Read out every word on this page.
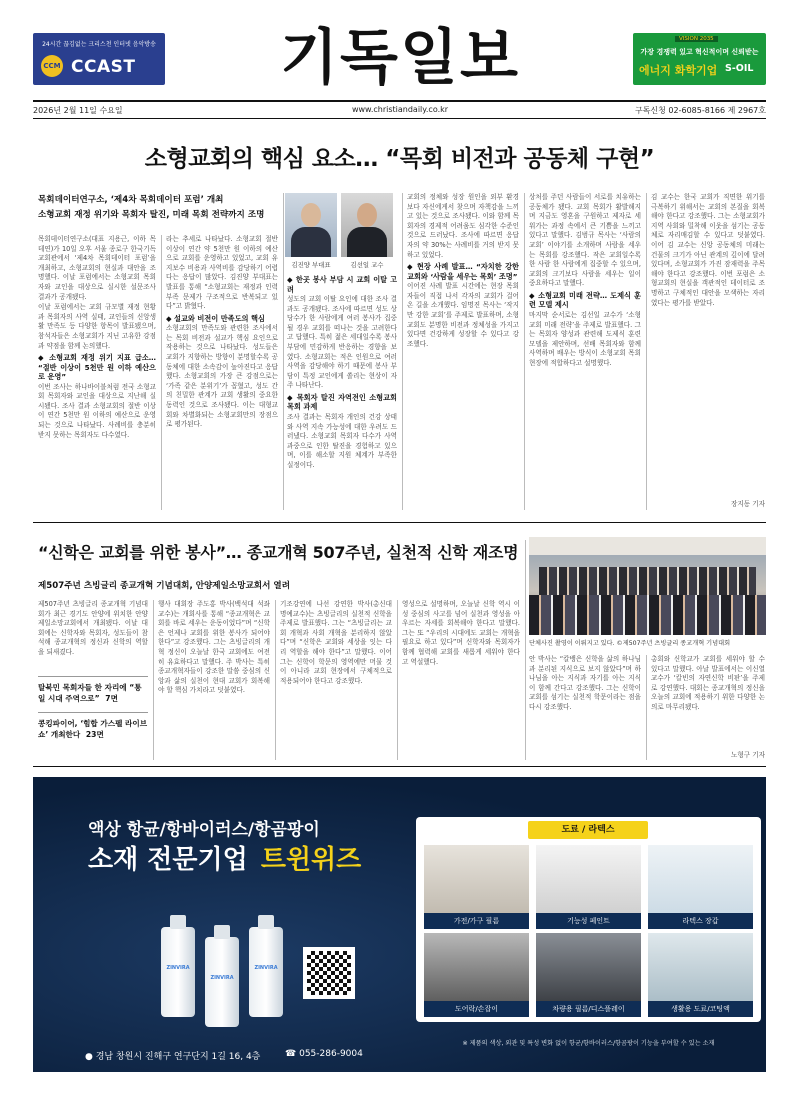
24시간 끊김없는 크리스천 인터넷 음악방송
CCM CCAST	기독일보	VISION 2035
가장 경쟁력 있고 혁신적이며 신뢰받는
에너지 화학기업 S-OIL
2026년 2월 11일 수요일	www.christiandaily.co.kr	구독신청 02-6085-8166 제 2967호
소형교회의 핵심 요소… “목회 비전과 공동체 구현”
목회데이터연구소, ‘제4차 목회데이터 포럼’ 개최
소형교회 재정 위기와 목회자 탈진, 미래 목회 전략까지 조명

목회데이터연구소(대표 지용근, 이하 목데연)가 10일 오후 서울 종로구 한국기독교회관에서 ‘제4차 목회데이터 포럼’을 개최하고, 소형교회의 현실과 대안을 조명했다. 이날 포럼에서는 소형교회 목회자와 교인을 대상으로 실시한 설문조사 결과가 공개됐다.

이날 포럼에서는 교회 규모별 재정 현황과 목회자의 사역 실태, 교인들의 신앙생활 만족도 등 다양한 항목이 발표됐으며, 참석자들은 소형교회가 지닌 고유한 강점과 약점을 함께 논의했다.

◆ 소형교회 재정 위기 지표 급소… “절반 이상이 5천만 원 이하 예산으로 운영”

이번 조사는 하나바이블처럼 전국 소형교회 목회자와 교인을 대상으로 지난해 실시됐다. 조사 결과 소형교회의 절반 이상이 연간 5천만 원 이하의 예산으로 운영되는 것으로 나타났다. 사례비를 충분히 받지 못하는 목회자도 다수였다.

라는 추세로 나타났다. 소형교회 절반 이상이 연간 약 5천만 원 이하의 예산으로 교회를 운영하고 있었고, 교회 유지보수 비용과 사역비를 감당하기 어렵다는 응답이 많았다. 김진양 부대표는 발표를 통해 “소형교회는 재정과 인력 부족 문제가 구조적으로 반복되고 있다”고 밝혔다.

◆ 설교와 비전이 만족도의 핵심

소형교회의 만족도와 관련한 조사에서는 목회 비전과 설교가 핵심 요인으로 작용하는 것으로 나타났다. 성도들은 교회가 지향하는 방향이 분명할수록 공동체에 대한 소속감이 높아진다고 응답했다. 소형교회의 가장 큰 강점으로는 ‘가족 같은 분위기’가 꼽혔고, 성도 간의 친밀한 관계가 교회 생활의 중요한 동력인 것으로 조사됐다. 이는 대형교회와 차별화되는 소형교회만의 장점으로 평가된다.

김진양 부대표	김선일 교수
◆ 한곳 봉사 부담 시 교회 이탈 고려

성도의 교회 이탈 요인에 대한 조사 결과도 공개됐다. 조사에 따르면 성도 상당수가 한 사람에게 여러 봉사가 집중될 경우 교회를 떠나는 것을 고려한다고 답했다. 특히 젊은 세대일수록 봉사 부담에 민감하게 반응하는 경향을 보였다. 소형교회는 적은 인원으로 여러 사역을 감당해야 하기 때문에 봉사 부담이 특정 교인에게 쏠리는 현상이 자주 나타난다.

◆ 목회자 탈진 자역전인 소형교회 목회 과제

조사 결과는 목회자 개인의 건강 상태와 사역 지속 가능성에 대한 우려도 드러냈다. 소형교회 목회자 다수가 사역 과중으로 인한 탈진을 경험하고 있으며, 이를 해소할 지원 체계가 부족한 실정이다.

교회의 정체와 성장 원인을 외부 환경보다 자신에게서 찾으며 자책감을 느끼고 있는 것으로 조사됐다. 이와 함께 목회자의 경제적 어려움도 심각한 수준인 것으로 드러났다. 조사에 따르면 응답자의 약 30%는 사례비를 거의 받지 못하고 있었다.

◆ 현장 사례 발표… “자치한 강한 교회와 ‘사람을 세우는 목회’ 조명”

이어진 사례 발표 시간에는 현장 목회자들이 직접 나서 각자의 교회가 걸어온 길을 소개했다. 임명진 목사는 ‘작지만 강한 교회’를 주제로 발표하며, 소형교회도 분명한 비전과 정체성을 가지고 있다면 건강하게 성장할 수 있다고 강조했다.

상처를 주던 사람들이 서로를 치유하는 공동체가 됐다. 교회 목회가 활발해지며 지금도 영혼을 구원하고 제자로 세워가는 과정 속에서 큰 기쁨을 느끼고 있다고 말했다. 김범규 목사는 ‘사람의 교회’ 이야기를 소개하며 사람을 세우는 목회를 강조했다. 작은 교회일수록 한 사람 한 사람에게 집중할 수 있으며, 교회의 크기보다 사람을 세우는 일이 중요하다고 말했다.

◆ 소형교회 미래 전략… 도제식 훈련 모델 제시

마지막 순서로는 김선일 교수가 ‘소형교회 미래 전략’을 주제로 발표했다. 그는 목회자 양성과 관련해 도제식 훈련 모델을 제안하며, 선배 목회자와 함께 사역하며 배우는 방식이 소형교회 목회 현장에 적합하다고 설명했다.

김 교수는 한국 교회가 직면한 위기를 극복하기 위해서는 교회의 본질을 회복해야 한다고 강조했다. 그는 소형교회가 지역 사회와 밀착해 이웃을 섬기는 공동체로 자리매김할 수 있다고 덧붙였다. 이어 김 교수는 신앙 공동체의 미래는 건물의 크기가 아닌 관계의 깊이에 달려 있다며, 소형교회가 가진 잠재력을 주목해야 한다고 강조했다. 이번 포럼은 소형교회의 현실을 객관적인 데이터로 조명하고 구체적인 대안을 모색하는 자리였다는 평가를 받았다.

장지동 기자
“신학은 교회를 위한 봉사”… 종교개혁 507주년, 실천적 신학 재조명
제507주년 츠빙글리 종교개혁 기념대회, 안양제일소망교회서 열려
제507주년 츠빙글리 종교개혁 기념대회가 최근 경기도 안양에 위치한 안양제일소망교회에서 개최됐다. 이날 대회에는 신학자와 목회자, 성도들이 참석해 종교개혁의 정신과 신학의 역할을 되새겼다.
탈북민 목회자들 한 자리에 “통일 시대 주역으로” 7면
콩킹파이어, ‘힘합 가스펠 라이브쇼’ 개최한다 23면
행사 대회장 주도홍 박사(백석대 석좌교수)는 개회사를 통해 “종교개혁은 교회를 바로 세우는 운동이었다”며 “신학은 언제나 교회를 위한 봉사가 되어야 한다”고 강조했다. 그는 츠빙글리의 개혁 정신이 오늘날 한국 교회에도 여전히 유효하다고 말했다. 주 박사는 특히 종교개혁자들이 강조한 말씀 중심의 신앙과 삶의 실천이 현대 교회가 회복해야 할 핵심 가치라고 덧붙였다.
기조강연에 나선 강연한 박사(총신대 명예교수)는 츠빙글리의 실천적 신학을 주제로 발표했다. 그는 “츠빙글리는 교회 개혁과 사회 개혁을 분리하지 않았다”며 “신학은 교회와 세상을 잇는 다리 역할을 해야 한다”고 말했다. 이어 그는 신학이 학문의 영역에만 머물 것이 아니라 교회 현장에서 구체적으로 적용되어야 한다고 강조했다.
영성으로 설명하며, 오늘날 신학 역시 이 성 중심의 사고를 넘어 실천과 영성을 아우르는 자세를 회복해야 한다고 말했다. 그는 또 “우리의 시대에도 교회는 개혁을 필요로 하고 있다”며 신학자와 목회자가 함께 협력해 교회를 새롭게 세워야 한다고 역설했다.
단체사진 촬영이 이뤄지고 있다. ©제507주년 츠빙글리 종교개혁 기념대회
안 박사는 “칼뱅은 신학을 삶의 하나님과 분리된 지식으로 보지 않았다”며 하나님을 아는 지식과 자기를 아는 지식이 함께 간다고 강조했다. 그는 신학이 교회를 섬기는 실천적 학문이라는 점을 다시 강조했다.
총회와 신학교가 교회를 세워야 할 수 있다고 말했다. 아날 발표에서는 이신열 교수가 ‘칼빈의 자연신학 비판’을 주제로 강연했다. 대회는 종교개혁의 정신을 오늘의 교회에 적용하기 위한 다양한 논의로 마무리됐다.
노형구 기자
액상 항균/항바이러스/항곰팡이
소재 전문기업 트윈위즈
ZINVIRA
ZINVIRA
ZINVIRA
● 경남 창원시 진해구 연구단지 1길 16, 4층	☎ 055-286-9004
도료 / 라텍스
가전/가구 필름	기능성 페인트	라텍스 장갑
도어락/손잡이	차량용 필름/디스플레이	생활용 도료/코팅액
※ 제품의 색상, 외관 및 특성 변화 없이 항균/항바이러스/항곰팡이 기능을 부여할 수 있는 소재
